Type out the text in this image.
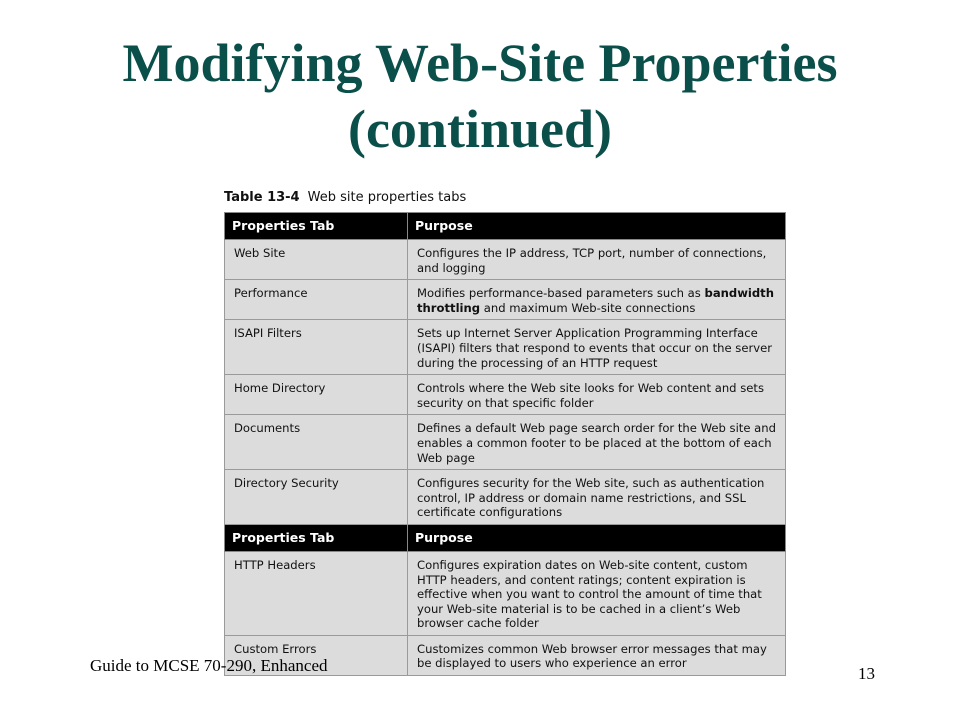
Modifying Web-Site Properties
(continued)
Table 13-4 Web site properties tabs
Properties Tab	Purpose
Web Site	Configures the IP address, TCP port, number of connections, and logging
Performance	Modifies performance-based parameters such as bandwidth throttling and maximum Web-site connections
ISAPI Filters	Sets up Internet Server Application Programming Interface (ISAPI) filters that respond to events that occur on the server during the processing of an HTTP request
Home Directory	Controls where the Web site looks for Web content and sets security on that specific folder
Documents	Defines a default Web page search order for the Web site and enables a common footer to be placed at the bottom of each Web page
Directory Security	Configures security for the Web site, such as authentication control, IP address or domain name restrictions, and SSL certificate configurations
Properties Tab	Purpose
HTTP Headers	Configures expiration dates on Web-site content, custom HTTP headers, and content ratings; content expiration is effective when you want to control the amount of time that your Web-site material is to be cached in a client’s Web browser cache folder
Custom Errors	Customizes common Web browser error messages that may be displayed to users who experience an error
Guide to MCSE 70-290, Enhanced	13
